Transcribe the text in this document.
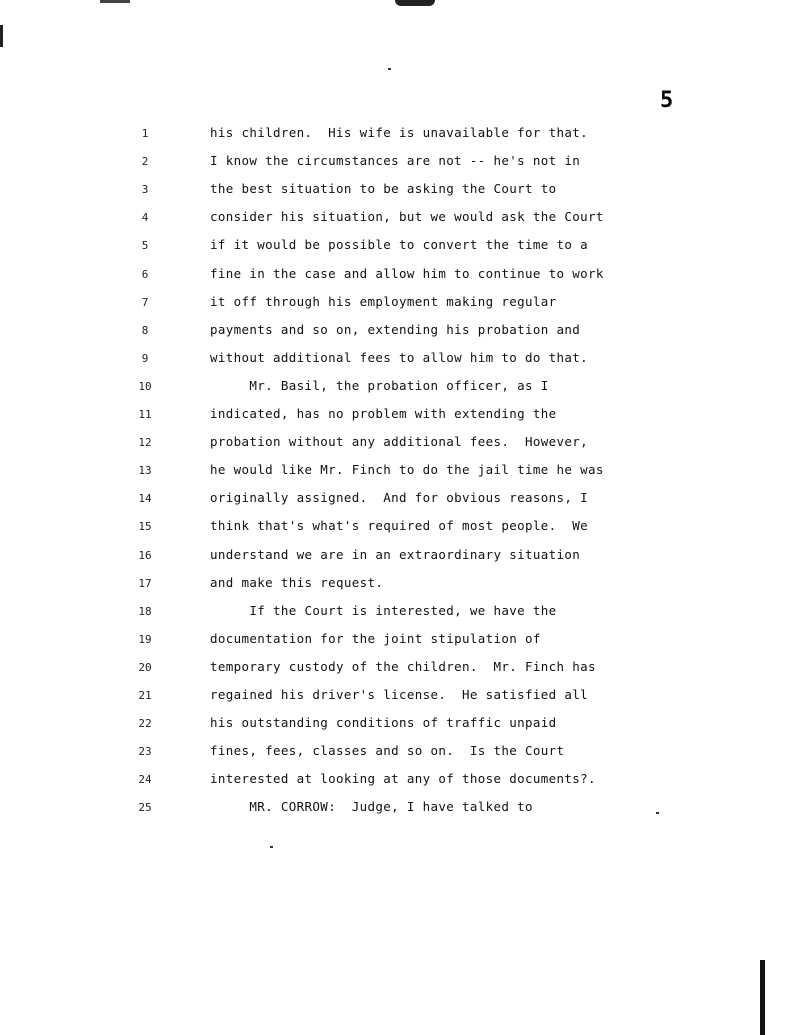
5
1	his children.  His wife is unavailable for that.
2	I know the circumstances are not -- he's not in
3	the best situation to be asking the Court to
4	consider his situation, but we would ask the Court
5	if it would be possible to convert the time to a
6	fine in the case and allow him to continue to work
7	it off through his employment making regular
8	payments and so on, extending his probation and
9	without additional fees to allow him to do that.
10	Mr. Basil, the probation officer, as I
11	indicated, has no problem with extending the
12	probation without any additional fees.  However,
13	he would like Mr. Finch to do the jail time he was
14	originally assigned.  And for obvious reasons, I
15	think that's what's required of most people.  We
16	understand we are in an extraordinary situation
17	and make this request.
18	If the Court is interested, we have the
19	documentation for the joint stipulation of
20	temporary custody of the children.  Mr. Finch has
21	regained his driver's license.  He satisfied all
22	his outstanding conditions of traffic unpaid
23	fines, fees, classes and so on.  Is the Court
24	interested at looking at any of those documents?.
25	MR. CORROW:  Judge, I have talked to
